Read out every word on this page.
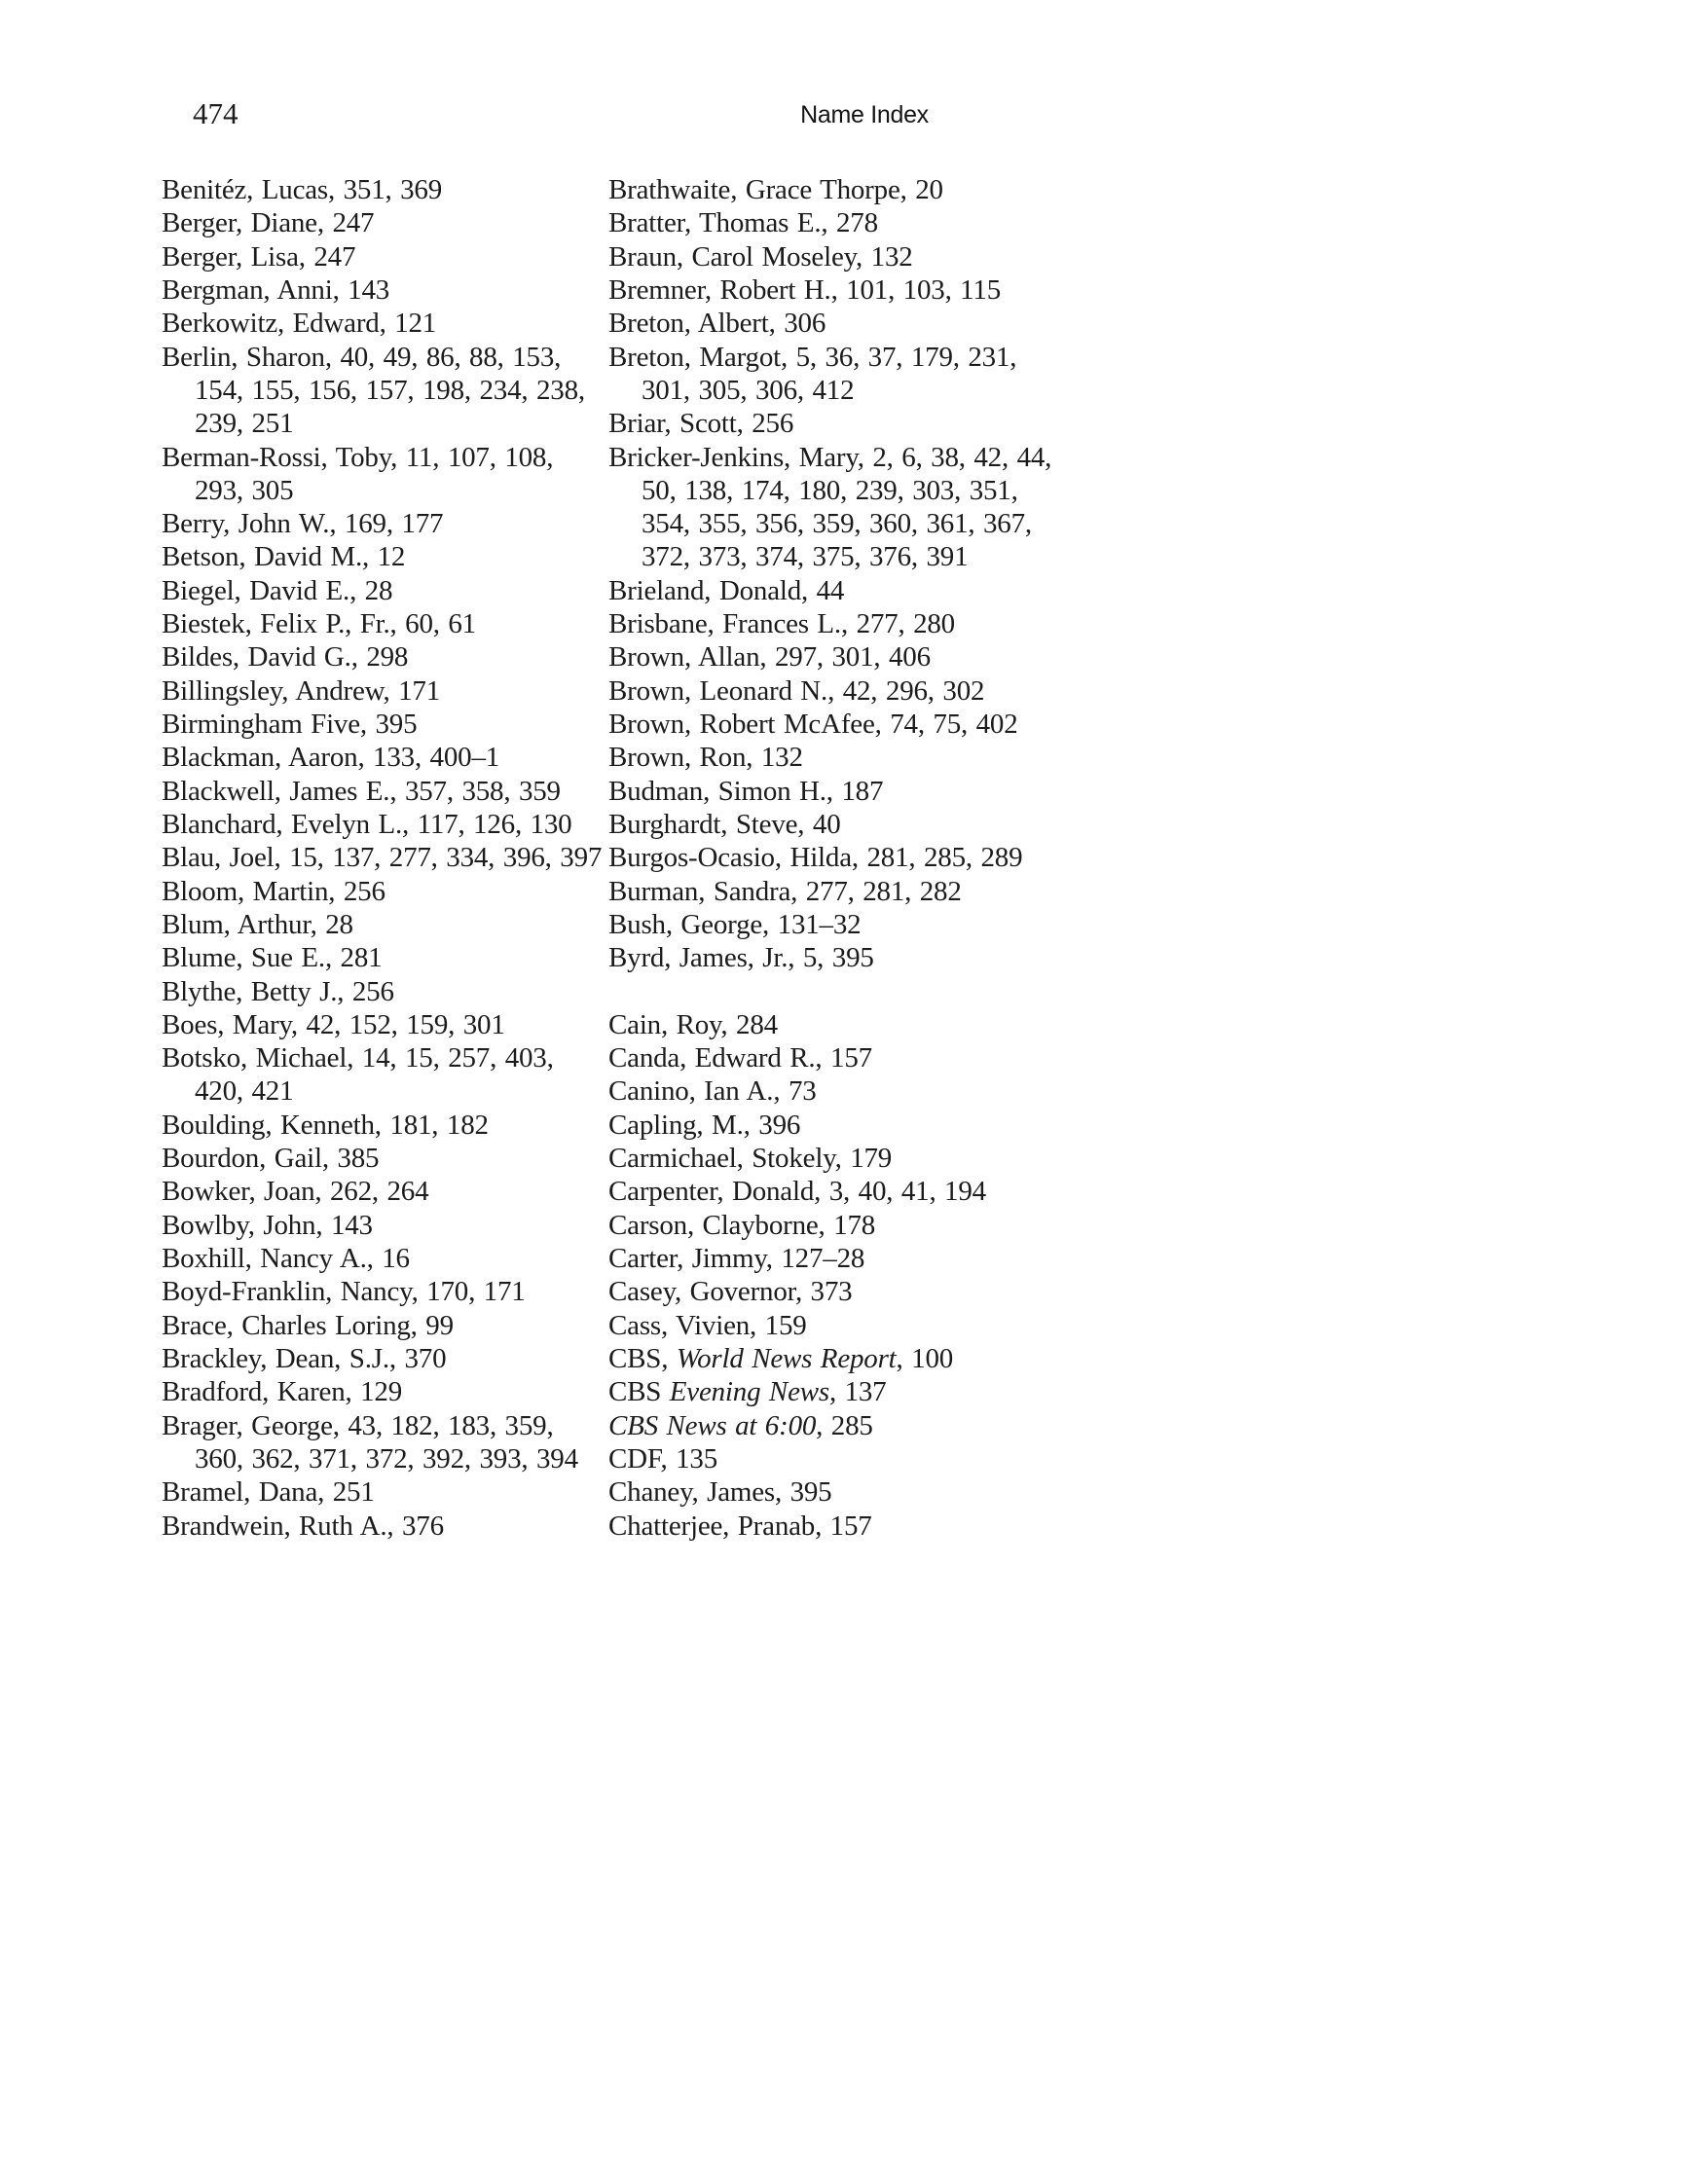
474	Name Index
Benitéz, Lucas, 351, 369
Berger, Diane, 247
Berger, Lisa, 247
Bergman, Anni, 143
Berkowitz, Edward, 121
Berlin, Sharon, 40, 49, 86, 88, 153,
154, 155, 156, 157, 198, 234, 238,
239, 251
Berman-Rossi, Toby, 11, 107, 108,
293, 305
Berry, John W., 169, 177
Betson, David M., 12
Biegel, David E., 28
Biestek, Felix P., Fr., 60, 61
Bildes, David G., 298
Billingsley, Andrew, 171
Birmingham Five, 395
Blackman, Aaron, 133, 400–1
Blackwell, James E., 357, 358, 359
Blanchard, Evelyn L., 117, 126, 130
Blau, Joel, 15, 137, 277, 334, 396, 397
Bloom, Martin, 256
Blum, Arthur, 28
Blume, Sue E., 281
Blythe, Betty J., 256
Boes, Mary, 42, 152, 159, 301
Botsko, Michael, 14, 15, 257, 403,
420, 421
Boulding, Kenneth, 181, 182
Bourdon, Gail, 385
Bowker, Joan, 262, 264
Bowlby, John, 143
Boxhill, Nancy A., 16
Boyd-Franklin, Nancy, 170, 171
Brace, Charles Loring, 99
Brackley, Dean, S.J., 370
Bradford, Karen, 129
Brager, George, 43, 182, 183, 359,
360, 362, 371, 372, 392, 393, 394
Bramel, Dana, 251
Brandwein, Ruth A., 376
Brathwaite, Grace Thorpe, 20
Bratter, Thomas E., 278
Braun, Carol Moseley, 132
Bremner, Robert H., 101, 103, 115
Breton, Albert, 306
Breton, Margot, 5, 36, 37, 179, 231,
301, 305, 306, 412
Briar, Scott, 256
Bricker-Jenkins, Mary, 2, 6, 38, 42, 44,
50, 138, 174, 180, 239, 303, 351,
354, 355, 356, 359, 360, 361, 367,
372, 373, 374, 375, 376, 391
Brieland, Donald, 44
Brisbane, Frances L., 277, 280
Brown, Allan, 297, 301, 406
Brown, Leonard N., 42, 296, 302
Brown, Robert McAfee, 74, 75, 402
Brown, Ron, 132
Budman, Simon H., 187
Burghardt, Steve, 40
Burgos-Ocasio, Hilda, 281, 285, 289
Burman, Sandra, 277, 281, 282
Bush, George, 131–32
Byrd, James, Jr., 5, 395

Cain, Roy, 284
Canda, Edward R., 157
Canino, Ian A., 73
Capling, M., 396
Carmichael, Stokely, 179
Carpenter, Donald, 3, 40, 41, 194
Carson, Clayborne, 178
Carter, Jimmy, 127–28
Casey, Governor, 373
Cass, Vivien, 159
CBS, World News Report, 100
CBS Evening News, 137
CBS News at 6:00, 285
CDF, 135
Chaney, James, 395
Chatterjee, Pranab, 157
